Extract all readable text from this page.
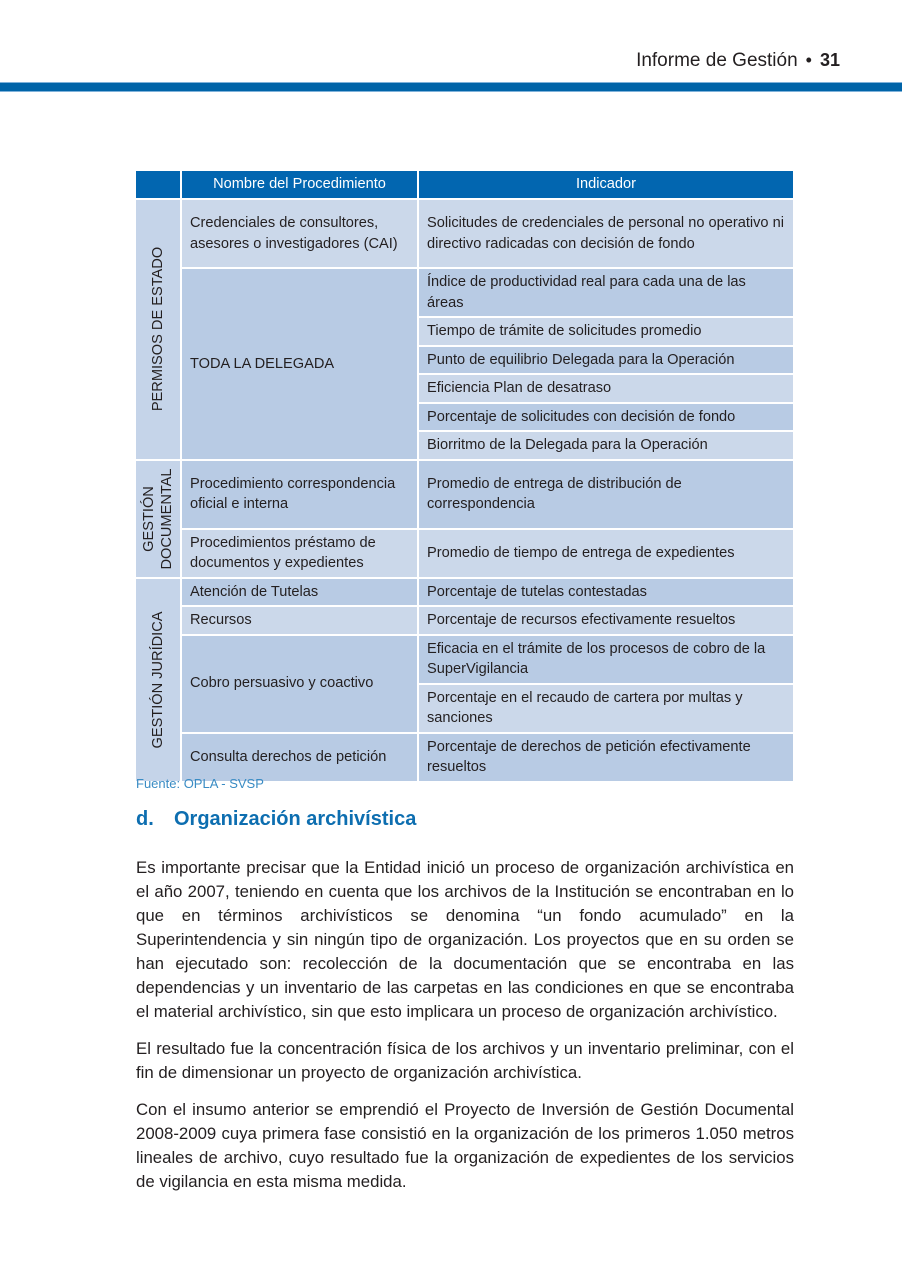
Informe de Gestión • 31
	Nombre del Procedimiento	Indicador

PERMISOS DE ESTADO	Credenciales de consultores, asesores o investigadores (CAI)	Solicitudes de credenciales de personal no operativo ni directivo radicadas con decisión de fondo
	TODA LA DELEGADA	Índice de productividad real para cada una de las áreas
		Tiempo de trámite de solicitudes promedio
		Punto de equilibrio Delegada para la Operación
		Eficiencia Plan de desatraso
		Porcentaje de solicitudes con decisión de fondo
		Biorritmo de la Delegada para la Operación

GESTIÓN DOCUMENTAL	Procedimiento correspondencia oficial e interna	Promedio de entrega de distribución de correspondencia
	Procedimientos préstamo de documentos y expedientes	Promedio de tiempo de entrega de expedientes

GESTIÓN JURÍDICA	Atención de Tutelas	Porcentaje de tutelas contestadas
	Recursos	Porcentaje de recursos efectivamente resueltos
	Cobro persuasivo y coactivo	Eficacia en el trámite de los procesos de cobro de la SuperVigilancia
		Porcentaje en el recaudo de cartera por multas y sanciones
	Consulta derechos de petición	Porcentaje de derechos de petición efectivamente resueltos
Fuente: OPLA - SVSP
d. Organización archivística

Es importante precisar que la Entidad inició un proceso de organización archivística en el año 2007, teniendo en cuenta que los archivos de la Institución se encontraban en lo que en términos archivísticos se denomina “un fondo acumulado” en la Superintendencia y sin ningún tipo de organización. Los proyectos que en su orden se han ejecutado son: recolección de la documentación que se encontraba en las dependencias y un inventario de las carpetas en las condiciones en que se encontraba el material archivístico, sin que esto implicara un proceso de organización archivístico.

El resultado fue la concentración física de los archivos y un inventario preliminar, con el fin de dimensionar un proyecto de organización archivística.

Con el insumo anterior se emprendió el Proyecto de Inversión de Gestión Documental 2008-2009 cuya primera fase consistió en la organización de los primeros 1.050 metros lineales de archivo, cuyo resultado fue la organización de expedientes de los servicios de vigilancia en esta misma medida.
